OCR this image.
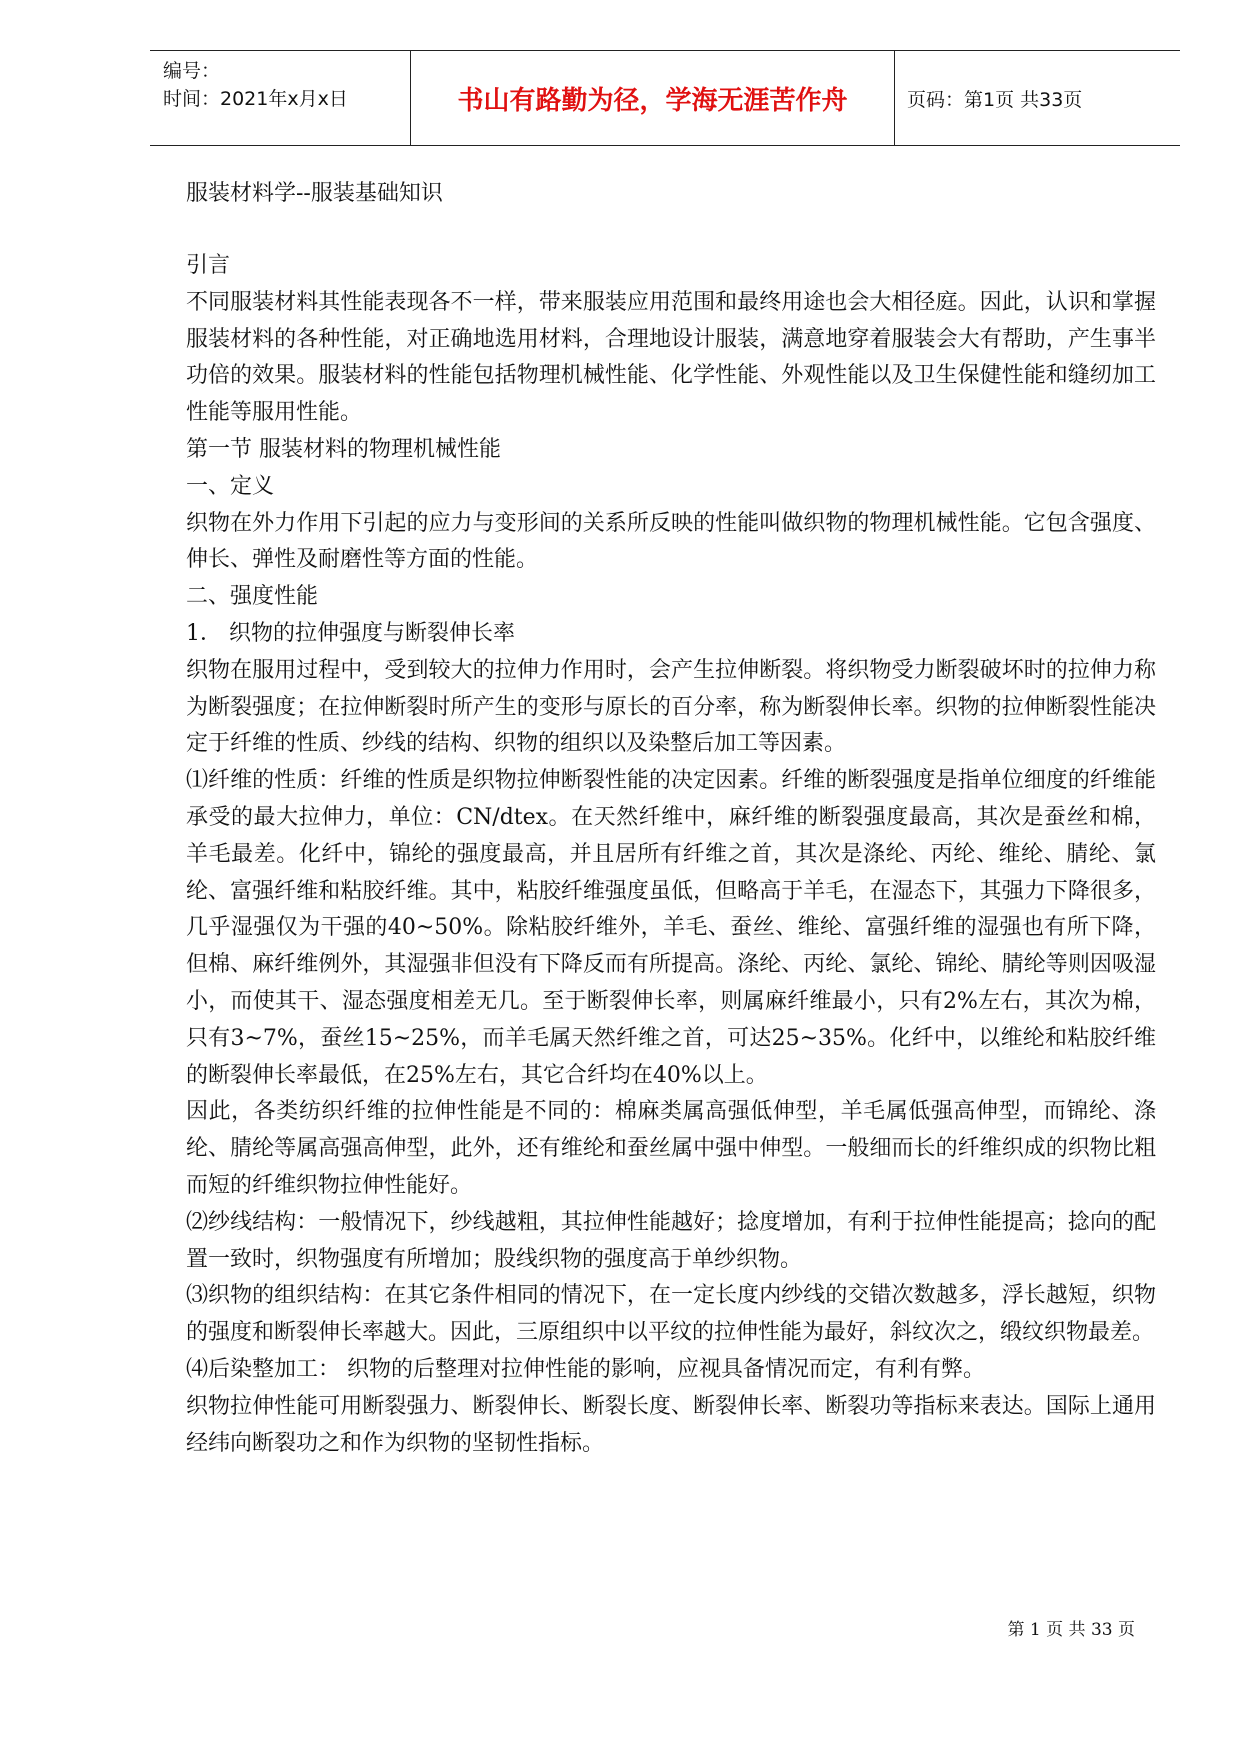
编号：
时间：2021年x月x日	书山有路勤为径，学海无涯苦作舟	页码：第1页 共33页
服装材料学--服装基础知识

引言

不同服装材料其性能表现各不一样，带来服装应用范围和最终用途也会大相径庭。因此，认识和掌握服装材料的各种性能，对正确地选用材料，合理地设计服装，满意地穿着服装会大有帮助，产生事半功倍的效果。服装材料的性能包括物理机械性能、化学性能、外观性能以及卫生保健性能和缝纫加工性能等服用性能。

第一节 服装材料的物理机械性能

一、定义

织物在外力作用下引起的应力与变形间的关系所反映的性能叫做织物的物理机械性能。它包含强度、伸长、弹性及耐磨性等方面的性能。

二、强度性能

1． 织物的拉伸强度与断裂伸长率

织物在服用过程中，受到较大的拉伸力作用时，会产生拉伸断裂。将织物受力断裂破坏时的拉伸力称为断裂强度；在拉伸断裂时所产生的变形与原长的百分率，称为断裂伸长率。织物的拉伸断裂性能决定于纤维的性质、纱线的结构、织物的组织以及染整后加工等因素。

⑴纤维的性质：纤维的性质是织物拉伸断裂性能的决定因素。纤维的断裂强度是指单位细度的纤维能承受的最大拉伸力，单位：CN/dtex。在天然纤维中，麻纤维的断裂强度最高，其次是蚕丝和棉，羊毛最差。化纤中，锦纶的强度最高，并且居所有纤维之首，其次是涤纶、丙纶、维纶、腈纶、氯纶、富强纤维和粘胶纤维。其中，粘胶纤维强度虽低，但略高于羊毛，在湿态下，其强力下降很多，几乎湿强仅为干强的40~50%。除粘胶纤维外，羊毛、蚕丝、维纶、富强纤维的湿强也有所下降，但棉、麻纤维例外，其湿强非但没有下降反而有所提高。涤纶、丙纶、氯纶、锦纶、腈纶等则因吸湿小，而使其干、湿态强度相差无几。至于断裂伸长率，则属麻纤维最小，只有2%左右，其次为棉，只有3~7%，蚕丝15~25%，而羊毛属天然纤维之首，可达25~35%。化纤中，以维纶和粘胶纤维的断裂伸长率最低，在25%左右，其它合纤均在40%以上。

因此，各类纺织纤维的拉伸性能是不同的：棉麻类属高强低伸型，羊毛属低强高伸型，而锦纶、涤纶、腈纶等属高强高伸型，此外，还有维纶和蚕丝属中强中伸型。一般细而长的纤维织成的织物比粗而短的纤维织物拉伸性能好。

⑵纱线结构：一般情况下，纱线越粗，其拉伸性能越好；捻度增加，有利于拉伸性能提高；捻向的配置一致时，织物强度有所增加；股线织物的强度高于单纱织物。

⑶织物的组织结构：在其它条件相同的情况下，在一定长度内纱线的交错次数越多，浮长越短，织物的强度和断裂伸长率越大。因此，三原组织中以平纹的拉伸性能为最好，斜纹次之，缎纹织物最差。

⑷后染整加工： 织物的后整理对拉伸性能的影响，应视具备情况而定，有利有弊。

织物拉伸性能可用断裂强力、断裂伸长、断裂长度、断裂伸长率、断裂功等指标来表达。国际上通用经纬向断裂功之和作为织物的坚韧性指标。

第 1 页 共 33 页
